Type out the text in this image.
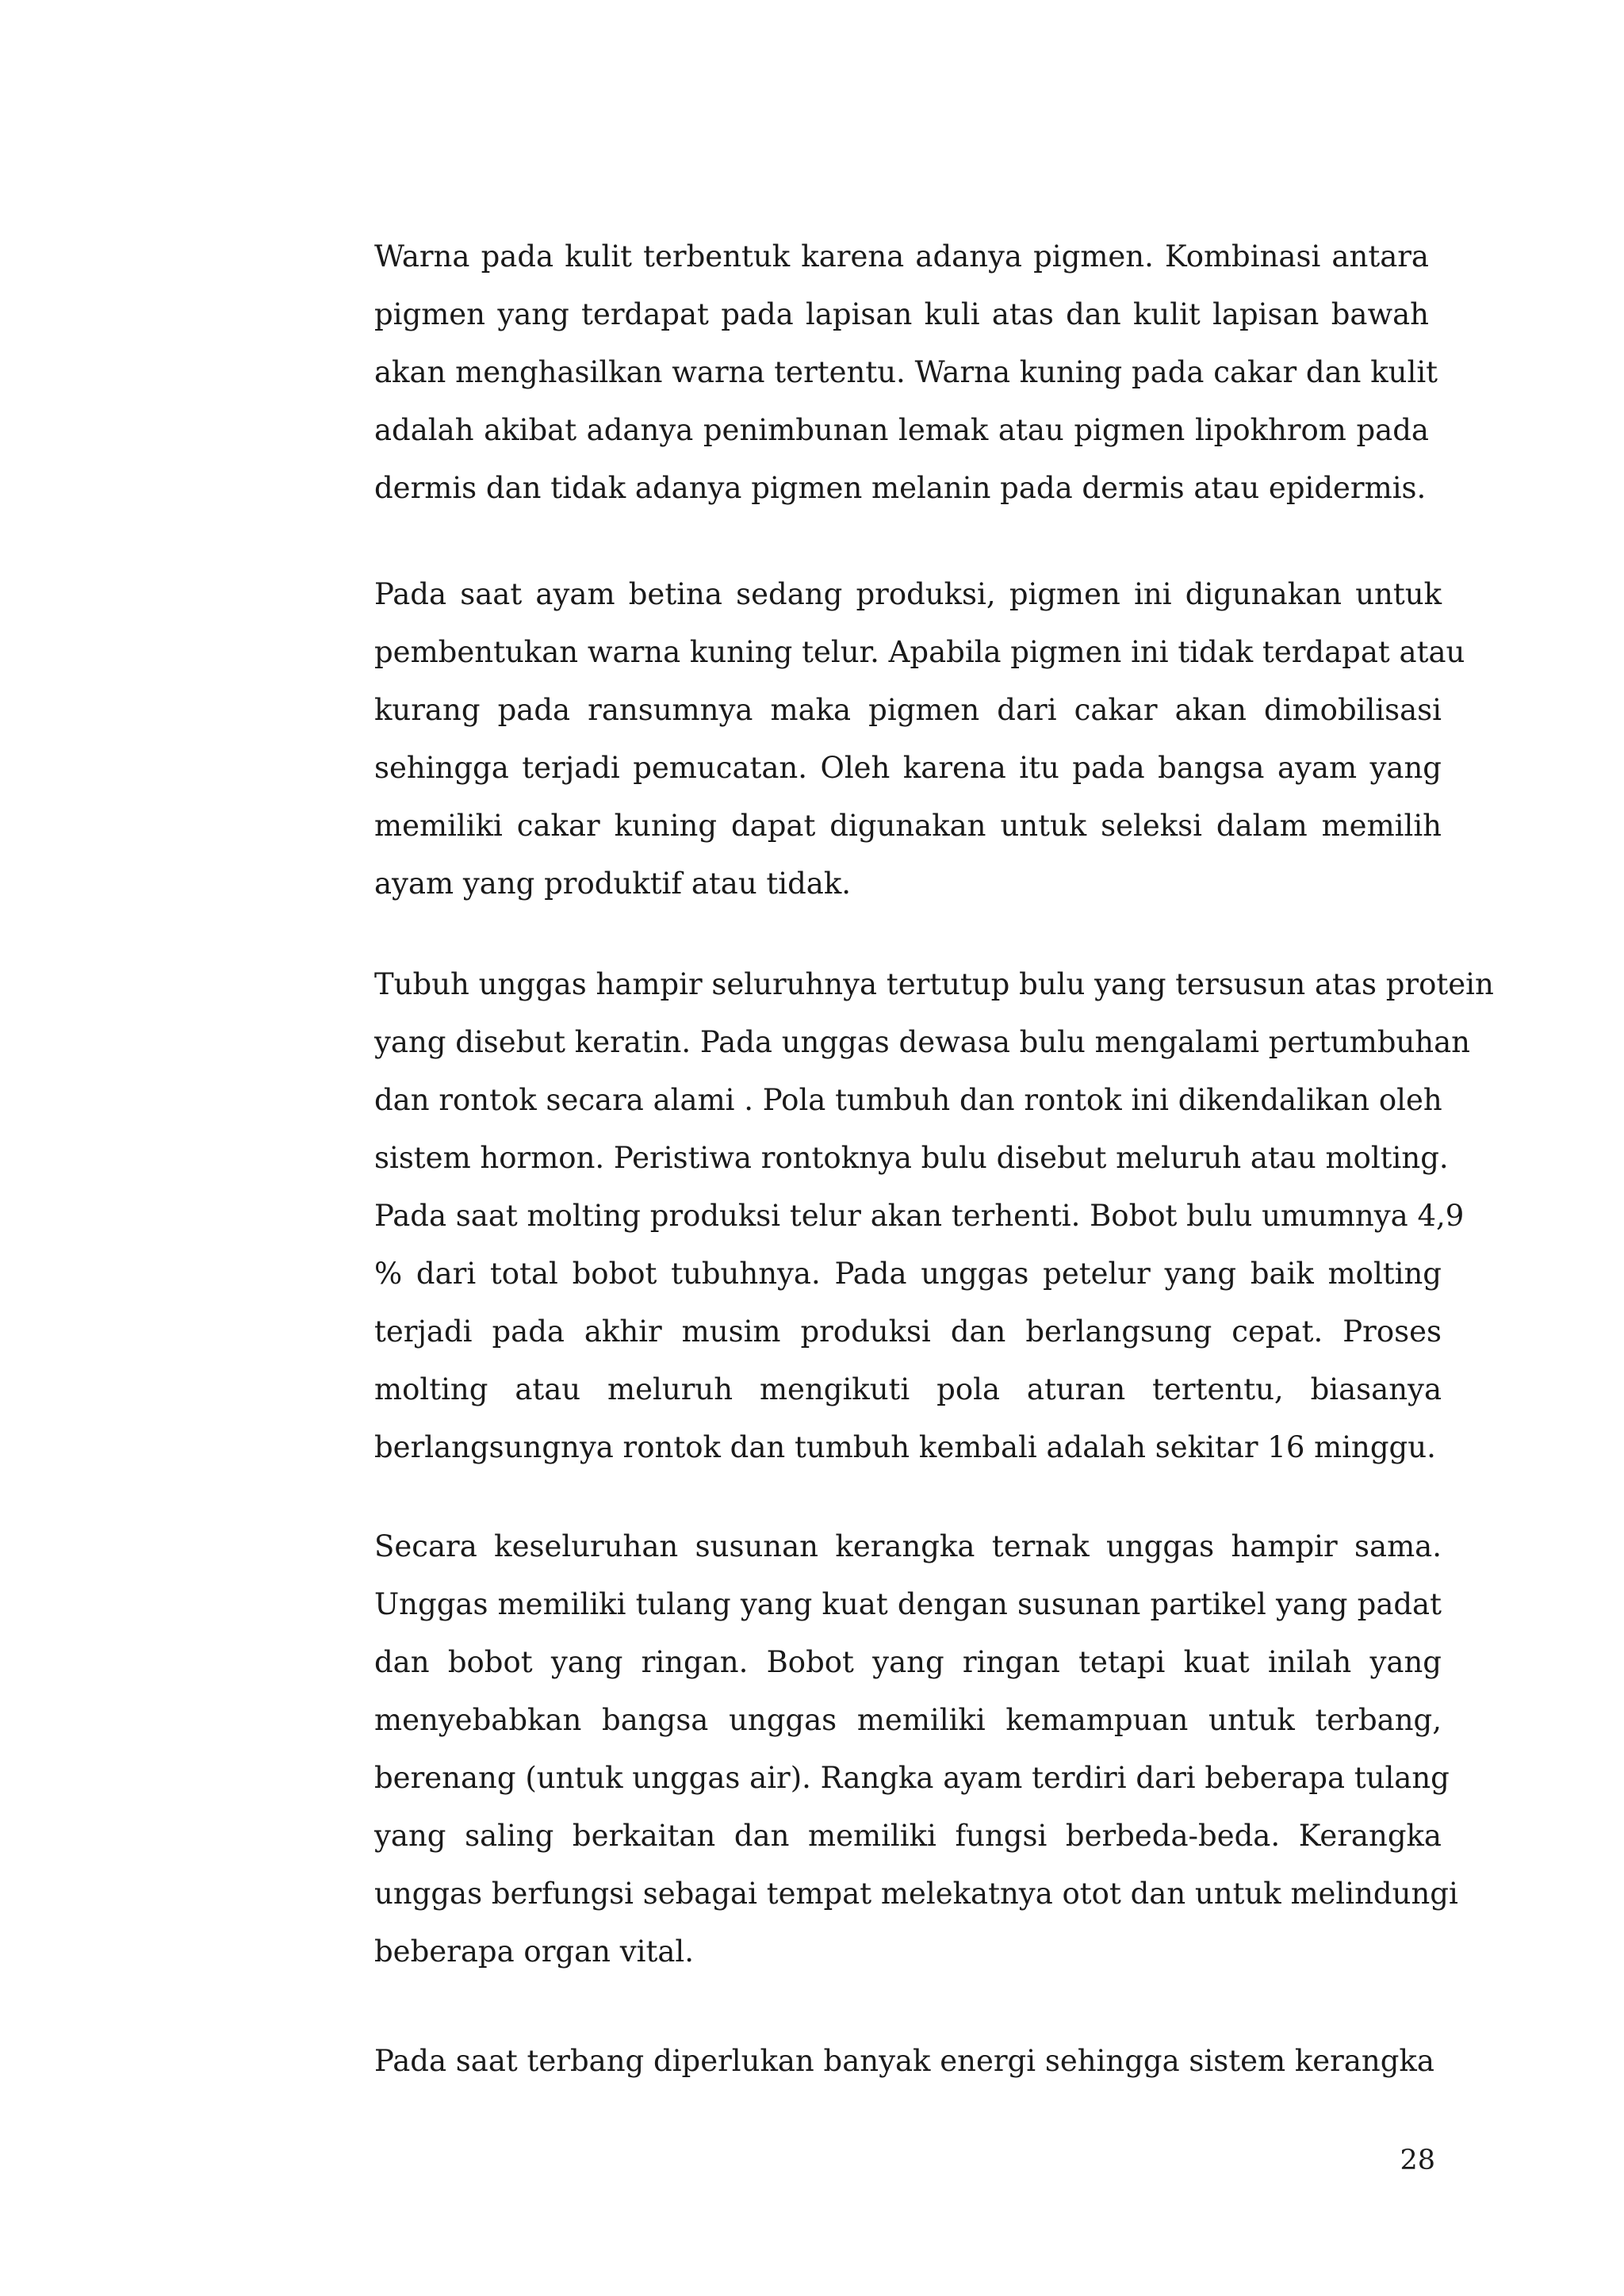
Warna pada kulit terbentuk karena adanya pigmen. Kombinasi antara
pigmen yang terdapat pada lapisan kuli atas dan kulit lapisan bawah
akan menghasilkan warna tertentu. Warna kuning pada cakar dan kulit
adalah akibat adanya penimbunan lemak atau pigmen lipokhrom pada
dermis dan tidak adanya pigmen melanin pada dermis atau epidermis.
Pada saat ayam betina sedang produksi, pigmen ini digunakan untuk
pembentukan warna kuning telur. Apabila pigmen ini tidak terdapat atau
kurang pada ransumnya maka pigmen dari cakar akan dimobilisasi
sehingga terjadi pemucatan. Oleh karena itu pada bangsa ayam yang
memiliki cakar kuning dapat digunakan untuk seleksi dalam memilih
ayam yang produktif atau tidak.
Tubuh unggas hampir seluruhnya tertutup bulu yang tersusun atas protein
yang disebut keratin. Pada unggas dewasa bulu mengalami pertumbuhan
dan rontok secara alami . Pola tumbuh dan rontok ini dikendalikan oleh
sistem hormon. Peristiwa rontoknya bulu disebut meluruh atau molting.
Pada saat molting produksi telur akan terhenti. Bobot bulu umumnya 4,9
% dari total bobot tubuhnya. Pada unggas petelur yang baik molting
terjadi pada akhir musim produksi dan berlangsung cepat. Proses
molting atau meluruh mengikuti pola aturan tertentu, biasanya
berlangsungnya rontok dan tumbuh kembali adalah sekitar 16 minggu.
Secara keseluruhan susunan kerangka ternak unggas hampir sama.
Unggas memiliki tulang yang kuat dengan susunan partikel yang padat
dan bobot yang ringan. Bobot yang ringan tetapi kuat inilah yang
menyebabkan bangsa unggas memiliki kemampuan untuk terbang,
berenang (untuk unggas air). Rangka ayam terdiri dari beberapa tulang
yang saling berkaitan dan memiliki fungsi berbeda-beda. Kerangka
unggas berfungsi sebagai tempat melekatnya otot dan untuk melindungi
beberapa organ vital.
Pada saat terbang diperlukan banyak energi sehingga sistem kerangka

28
